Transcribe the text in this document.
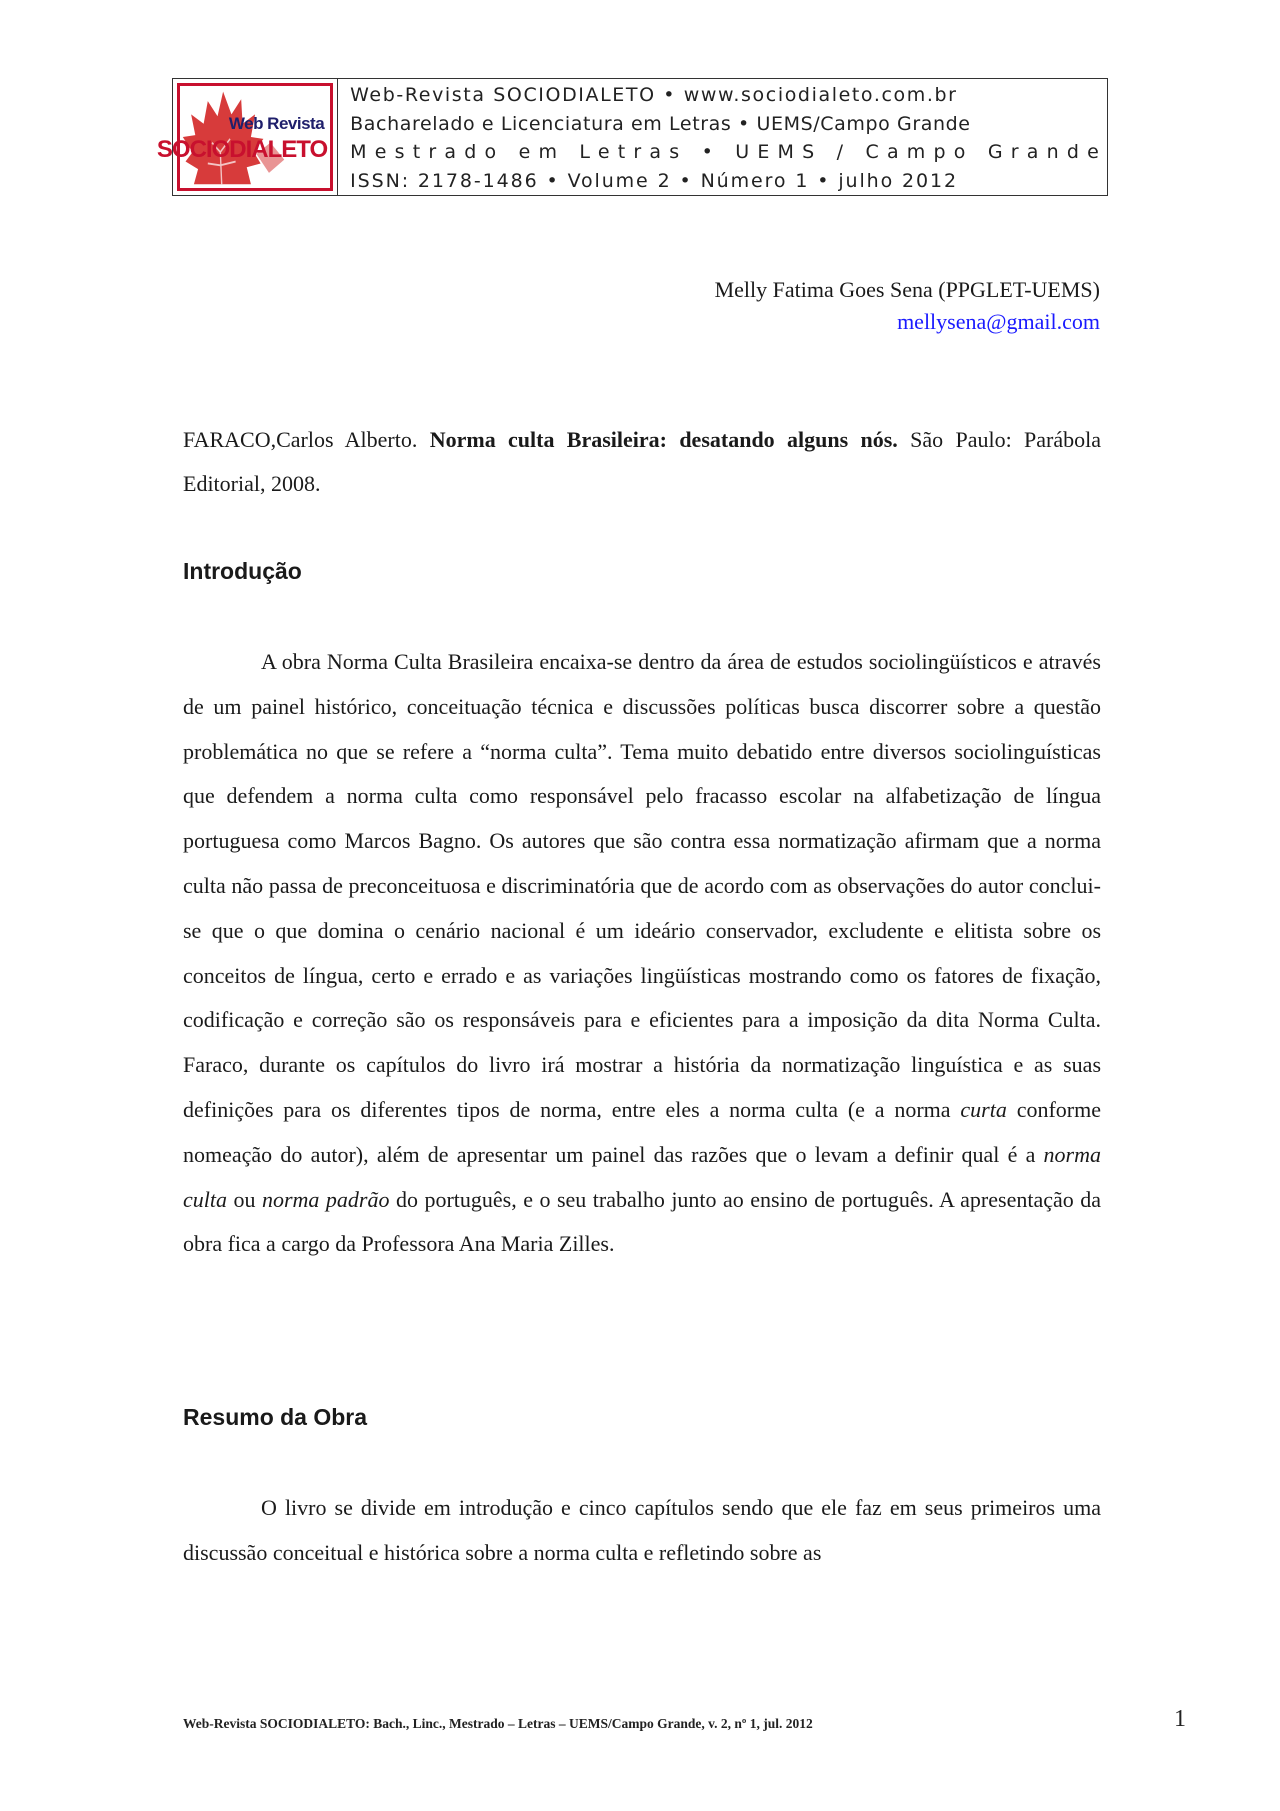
Web Revista
SOCIODIALETO
Web-Revista SOCIODIALETO • www.sociodialeto.com.br
Bacharelado e Licenciatura em Letras • UEMS/Campo Grande
Mestrado em Letras • UEMS / Campo Grande
ISSN: 2178-1486 • Volume 2 • Número 1 • julho 2012
Melly Fatima Goes Sena (PPGLET-UEMS)
mellysena@gmail.com
FARACO,Carlos Alberto. Norma culta Brasileira: desatando alguns nós. São Paulo: Parábola Editorial, 2008.
Introdução
A obra Norma Culta Brasileira encaixa-se dentro da área de estudos sociolingüísticos e através de um painel histórico, conceituação técnica e discussões políticas busca discorrer sobre a questão problemática no que se refere a “norma culta”. Tema muito debatido entre diversos sociolinguísticas que defendem a norma culta como responsável pelo fracasso escolar na alfabetização de língua portuguesa como Marcos Bagno. Os autores que são contra essa normatização afirmam que a norma culta não passa de preconceituosa e discriminatória que de acordo com as observações do autor conclui-se que o que domina o cenário nacional é um ideário conservador, excludente e elitista sobre os conceitos de língua, certo e errado e as variações lingüísticas mostrando como os fatores de fixação, codificação e correção são os responsáveis para e eficientes para a imposição da dita Norma Culta. Faraco, durante os capítulos do livro irá mostrar a história da normatização linguística e as suas definições para os diferentes tipos de norma, entre eles a norma culta (e a norma curta conforme nomeação do autor), além de apresentar um painel das razões que o levam a definir qual é a norma culta ou norma padrão do português, e o seu trabalho junto ao ensino de português. A apresentação da obra fica a cargo da Professora Ana Maria Zilles.
Resumo da Obra
O livro se divide em introdução e cinco capítulos sendo que ele faz em seus primeiros uma discussão conceitual e histórica sobre a norma culta e refletindo sobre as
Web-Revista SOCIODIALETO: Bach., Linc., Mestrado – Letras – UEMS/Campo Grande, v. 2, nº 1, jul. 2012	1
